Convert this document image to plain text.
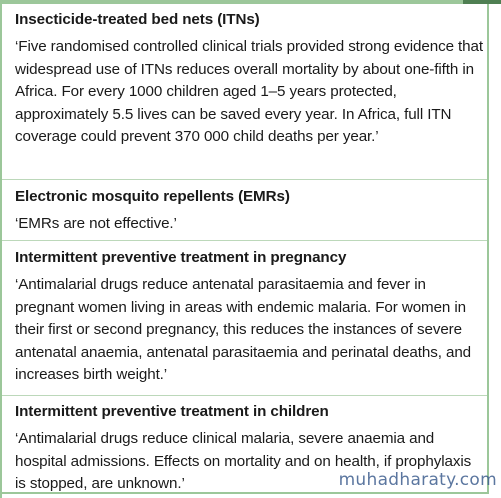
Insecticide-treated bed nets (ITNs)

‘Five randomised controlled clinical trials provided strong evidence that widespread use of ITNs reduces overall mortality by about one-fifth in Africa. For every 1000 children aged 1–5 years protected, approximately 5.5 lives can be saved every year. In Africa, full ITN coverage could prevent 370 000 child deaths per year.’

Electronic mosquito repellents (EMRs)

‘EMRs are not effective.’

Intermittent preventive treatment in pregnancy

‘Antimalarial drugs reduce antenatal parasitaemia and fever in pregnant women living in areas with endemic malaria. For women in their first or second pregnancy, this reduces the instances of severe antenatal anaemia, antenatal parasitaemia and perinatal deaths, and increases birth weight.’

Intermittent preventive treatment in children

‘Antimalarial drugs reduce clinical malaria, severe anaemia and hospital admissions. Effects on mortality and on health, if prophylaxis is stopped, are unknown.’	muhadharaty.com
